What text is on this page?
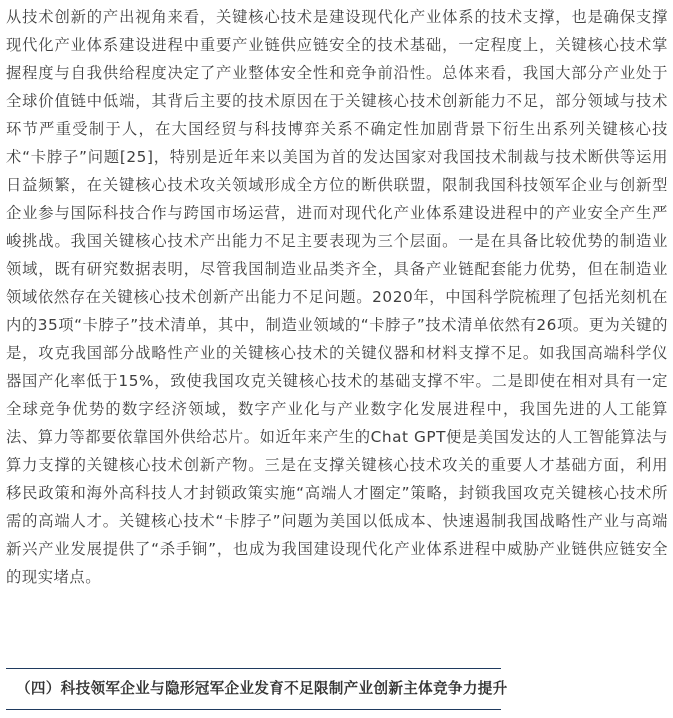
从技术创新的产出视角来看，关键核心技术是建设现代化产业体系的技术支撑，也是确保支撑现代化产业体系建设进程中重要产业链供应链安全的技术基础，一定程度上，关键核心技术掌握程度与自我供给程度决定了产业整体安全性和竞争前沿性。总体来看，我国大部分产业处于全球价值链中低端，其背后主要的技术原因在于关键核心技术创新能力不足，部分领域与技术环节严重受制于人，在大国经贸与科技博弈关系不确定性加剧背景下衍生出系列关键核心技术“卡脖子”问题[25]，特别是近年来以美国为首的发达国家对我国技术制裁与技术断供等运用日益频繁，在关键核心技术攻关领域形成全方位的断供联盟，限制我国科技领军企业与创新型企业参与国际科技合作与跨国市场运营，进而对现代化产业体系建设进程中的产业安全产生严峻挑战。我国关键核心技术产出能力不足主要表现为三个层面。一是在具备比较优势的制造业领域，既有研究数据表明，尽管我国制造业品类齐全，具备产业链配套能力优势，但在制造业领域依然存在关键核心技术创新产出能力不足问题。2020年，中国科学院梳理了包括光刻机在内的35项“卡脖子”技术清单，其中，制造业领域的“卡脖子”技术清单依然有26项。更为关键的是，攻克我国部分战略性产业的关键核心技术的关键仪器和材料支撑不足。如我国高端科学仪器国产化率低于15%，致使我国攻克关键核心技术的基础支撑不牢。二是即使在相对具有一定全球竞争优势的数字经济领域，数字产业化与产业数字化发展进程中，我国先进的人工能算法、算力等都要依靠国外供给芯片。如近年来产生的Chat GPT便是美国发达的人工智能算法与算力支撑的关键核心技术创新产物。三是在支撑关键核心技术攻关的重要人才基础方面，利用移民政策和海外高科技人才封锁政策实施“高端人才圈定”策略，封锁我国攻克关键核心技术所需的高端人才。关键核心技术“卡脖子”问题为美国以低成本、快速遏制我国战略性产业与高端新兴产业发展提供了“杀手锏”，也成为我国建设现代化产业体系进程中威胁产业链供应链安全的现实堵点。

（四）科技领军企业与隐形冠军企业发育不足限制产业创新主体竞争力提升
